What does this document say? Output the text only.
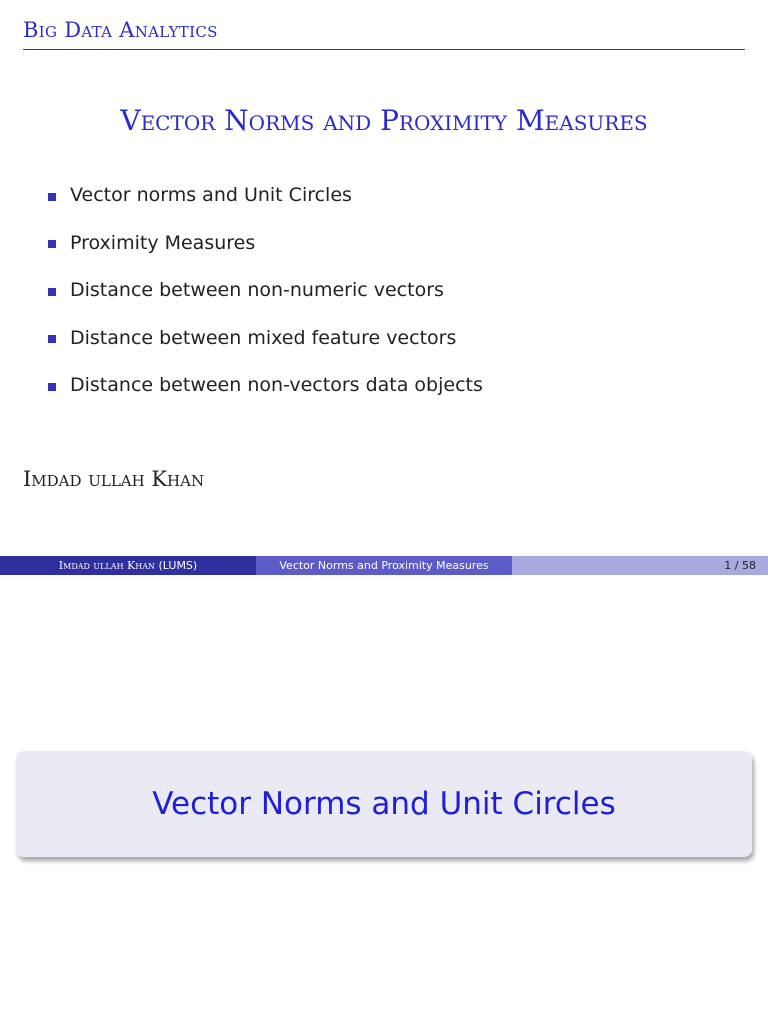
Big Data Analytics
Vector Norms and Proximity Measures
Vector norms and Unit Circles
Proximity Measures
Distance between non-numeric vectors
Distance between mixed feature vectors
Distance between non-vectors data objects
Imdad ullah Khan
Imdad ullah Khan (LUMS)	Vector Norms and Proximity Measures	1 / 58
Vector Norms and Unit Circles
